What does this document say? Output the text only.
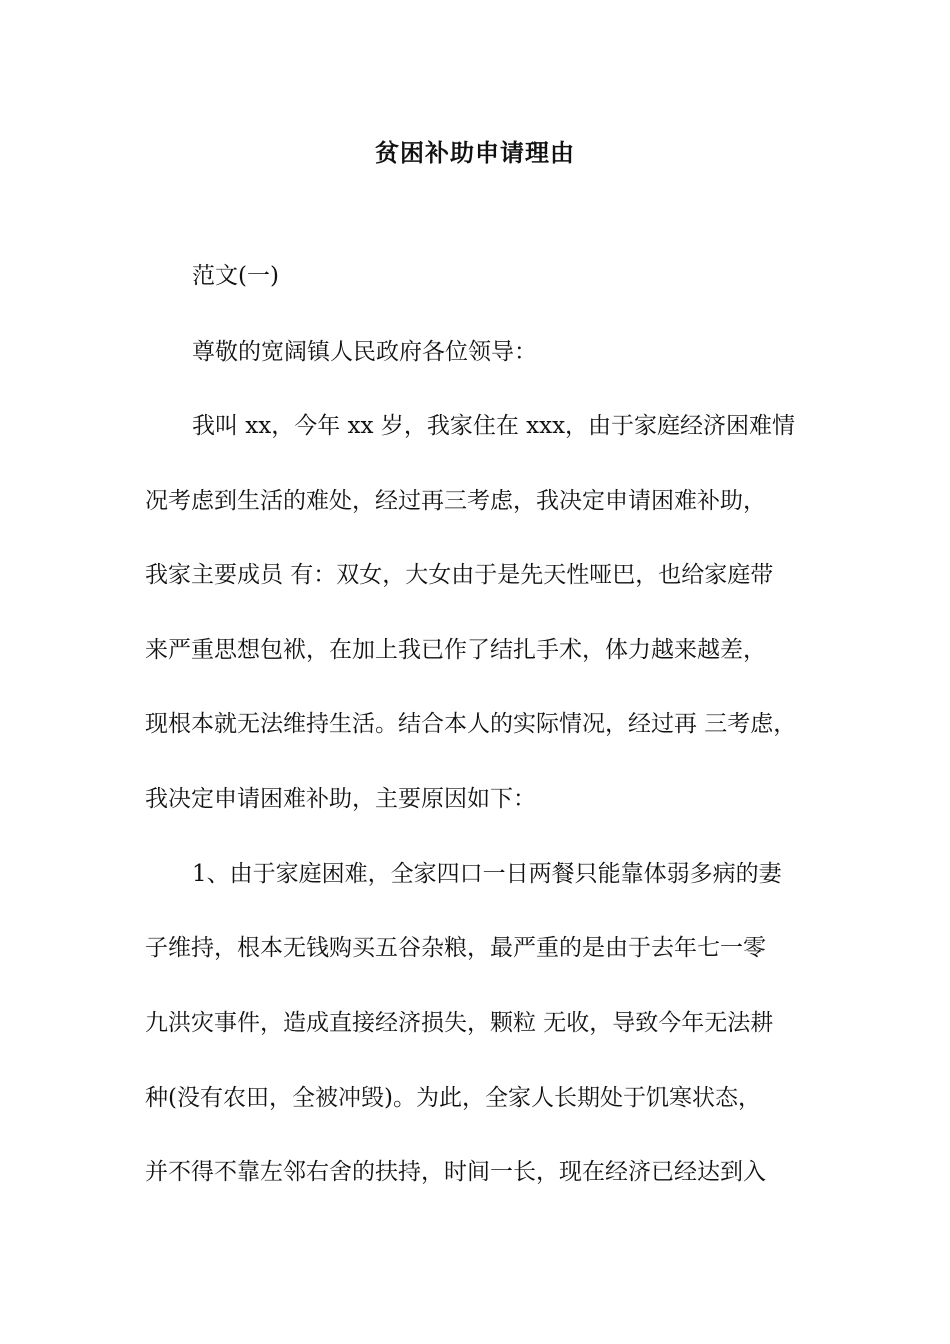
贫困补助申请理由
范文(一)
尊敬的宽阔镇人民政府各位领导：
我叫 xx，今年 xx 岁，我家住在 xxx，由于家庭经济困难情
况考虑到生活的难处，经过再三考虑，我决定申请困难补助，
我家主要成员 有：双女，大女由于是先天性哑巴，也给家庭带
来严重思想包袱，在加上我已作了结扎手术，体力越来越差，
现根本就无法维持生活。结合本人的实际情况，经过再 三考虑，
我决定申请困难补助，主要原因如下：
1、由于家庭困难，全家四口一日两餐只能靠体弱多病的妻
子维持，根本无钱购买五谷杂粮，最严重的是由于去年七一零
九洪灾事件，造成直接经济损失，颗粒 无收，导致今年无法耕
种(没有农田，全被冲毁)。为此，全家人长期处于饥寒状态，
并不得不靠左邻右舍的扶持，时间一长，现在经济已经达到入
